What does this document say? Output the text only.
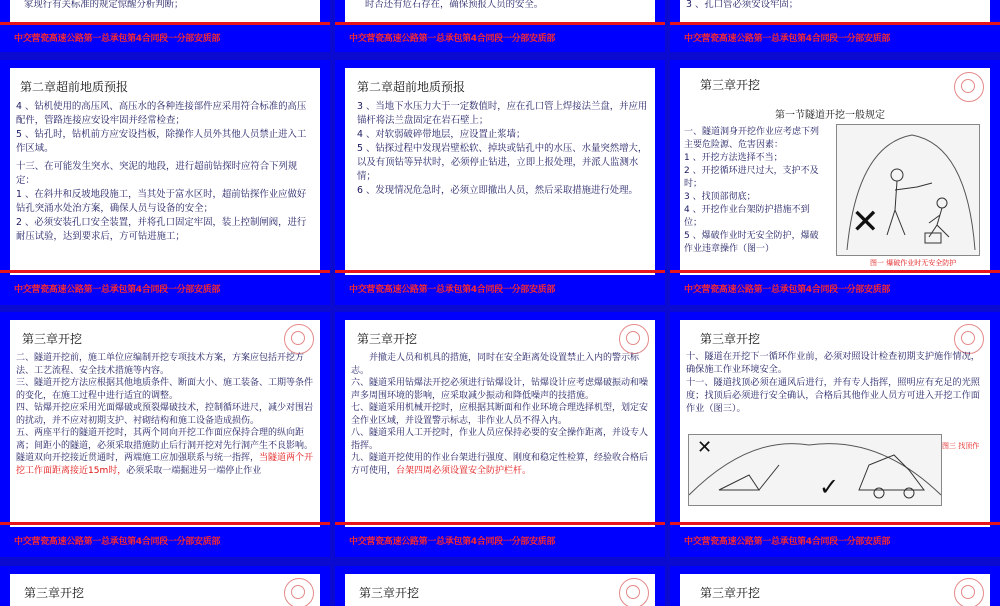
家现行有关标准的规定惊醒分析判断；

中交营瓷高速公路第一总承包第4合同段一分部安质部

时否还有危石存在，确保预报人员的安全。

中交营瓷高速公路第一总承包第4合同段一分部安质部

3 、孔口管必须安设牢固；

中交营瓷高速公路第一总承包第4合同段一分部安质部
第二章超前地质预报

4 、钻机使用的高压风、高压水的各种连接部件应采用符合标准的高压配件，管路连接应安设牢固并经常检查；

5 、钻孔时，钻机前方应安设挡板，除操作人员外其他人员禁止进入工作区域。

十三、在可能发生突水、突泥的地段，进行超前钻探时应符合下列规定：

1 、在斜井和反坡地段施工，当其处于富水区时，超前钻探作业应做好钻孔突涌水处治方案，确保人员与设备的安全；

2 、必须安装孔口安全装置，并将孔口固定牢固，装上控制闸阀，进行耐压试验，达到要求后，方可钻进施工；

中交营瓷高速公路第一总承包第4合同段一分部安质部
第二章超前地质预报

3 、当地下水压力大于一定数值时，应在孔口管上焊接法兰盘，并应用锚杆将法兰盘固定在岩石壁上；

4 、对软弱破碎带地层，应设置止浆墙；

5 、钻探过程中发现岩壁松软、掉块或钻孔中的水压、水量突然增大，以及有顶钻等异状时，必须停止钻进，立即上报处理，并派人监测水情；

6 、发现情况危急时，必须立即撤出人员，然后采取措施进行处理。

中交营瓷高速公路第一总承包第4合同段一分部安质部
第三章开挖
第一节隧道开挖一般规定

一、隧道洞身开挖作业应考虑下列主要危险源、危害因素：

1 、开挖方法选择不当；

2 、开挖循环进尺过大，支护不及时；

3 、找顶部彻底；

4 、开挖作业台架防护措施不到位；

5 、爆破作业时无安全防护，爆破作业违章操作（图一）

✕
图一 爆破作业时无安全防护
中交营瓷高速公路第一总承包第4合同段一分部安质部
第三章开挖

二、隧道开挖前，施工单位应编制开挖专项技术方案，方案应包括开挖方法、工艺流程、安全技术措施等内容。

三、隧道开挖方法应根据其他地质条件、断面大小、施工装备、工期等条件的变化，在施工过程中进行适宜的调整。

四、钻爆开挖应采用光面爆破或预裂爆破技术，控制循环进尺，减少对围岩的扰动，并不应对初期支护、衬砌结构和施工设备造成损伤。

五、两座平行的隧道开挖时，其两个同向开挖工作面应保持合理的纵向距离；间距小的隧道，必须采取措施防止后行洞开挖对先行洞产生不良影响。隧道双向开挖接近贯通时，两端施工应加强联系与统一指挥，当隧道两个开挖工作面距离接近15m时，必须采取一端掘进另一端停止作业

中交营瓷高速公路第一总承包第4合同段一分部安质部
第三章开挖

并撤走人员和机具的措施，同时在安全距离处设置禁止入内的警示标志。

六、隧道采用钻爆法开挖必须进行钻爆设计，钻爆设计应考虑爆破振动和噪声多周围环境的影响，应采取减少振动和降低噪声的技措施。

七、隧道采用机械开挖时，应根据其断面和作业环境合理选择机型，划定安全作业区域，并设置警示标志，非作业人员不得入内。

八、隧道采用人工开挖时，作业人员应保持必要的安全操作距离，并设专人指挥。

九、隧道开挖使用的作业台架进行强度、刚度和稳定性检算，经验收合格后方可使用，台架四周必须设置安全防护栏杆。

中交营瓷高速公路第一总承包第4合同段一分部安质部
第三章开挖

十、隧道在开挖下一循环作业前，必须对照设计检查初期支护施作情况，确保施工作业环境安全。

十一、隧道找顶必须在通风后进行，并有专人指挥，照明应有充足的光照度；找顶后必须进行安全确认，合格后其他作业人员方可进入开挖工作面作业（图三）。

✕
✓
图三 找顶作
中交营瓷高速公路第一总承包第4合同段一分部安质部
第三章开挖	第三章开挖	第三章开挖
